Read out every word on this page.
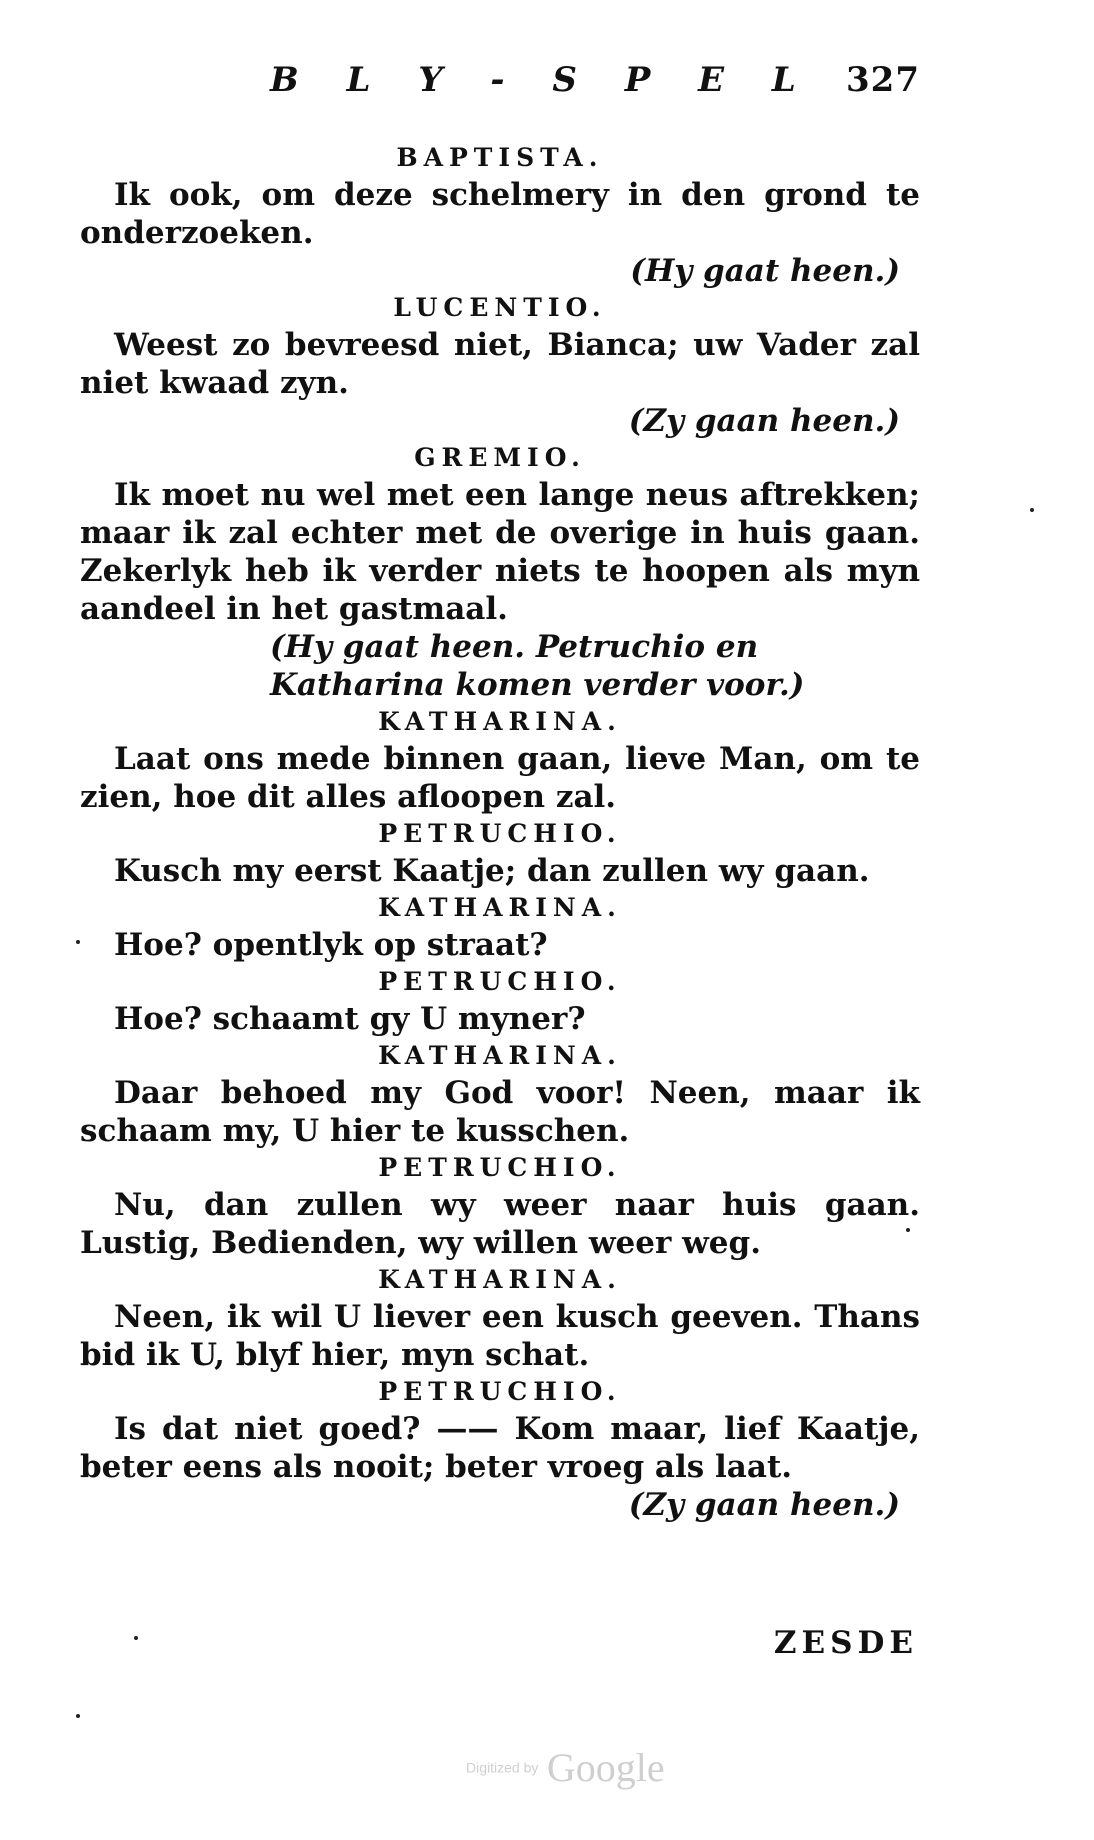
B L Y - S P E L 327
BAPTISTA.
Ik ook, om deze schelmery in den grond te onderzoeken.
(Hy gaat heen.)
LUCENTIO.
Weest zo bevreesd niet, Bianca; uw Vader zal niet kwaad zyn.
(Zy gaan heen.)
GREMIO.
Ik moet nu wel met een lange neus aftrekken; maar ik zal echter met de overige in huis gaan. Zekerlyk heb ik verder niets te hoopen als myn aandeel in het gastmaal.
(Hy gaat heen. Petruchio en Katharina komen verder voor.)
KATHARINA.
Laat ons mede binnen gaan, lieve Man, om te zien, hoe dit alles afloopen zal.
PETRUCHIO.
Kusch my eerst Kaatje; dan zullen wy gaan.
KATHARINA.
Hoe? opentlyk op straat?
PETRUCHIO.
Hoe? schaamt gy U myner?
KATHARINA.
Daar behoed my God voor! Neen, maar ik schaam my, U hier te kusschen.
PETRUCHIO.
Nu, dan zullen wy weer naar huis gaan. Lustig, Bedienden, wy willen weer weg.
KATHARINA.
Neen, ik wil U liever een kusch geeven. Thans bid ik U, blyf hier, myn schat.
PETRUCHIO.
Is dat niet goed? —— Kom maar, lief Kaatje, beter eens als nooit; beter vroeg als laat.
(Zy gaan heen.)
ZESDE
Digitized by Google
